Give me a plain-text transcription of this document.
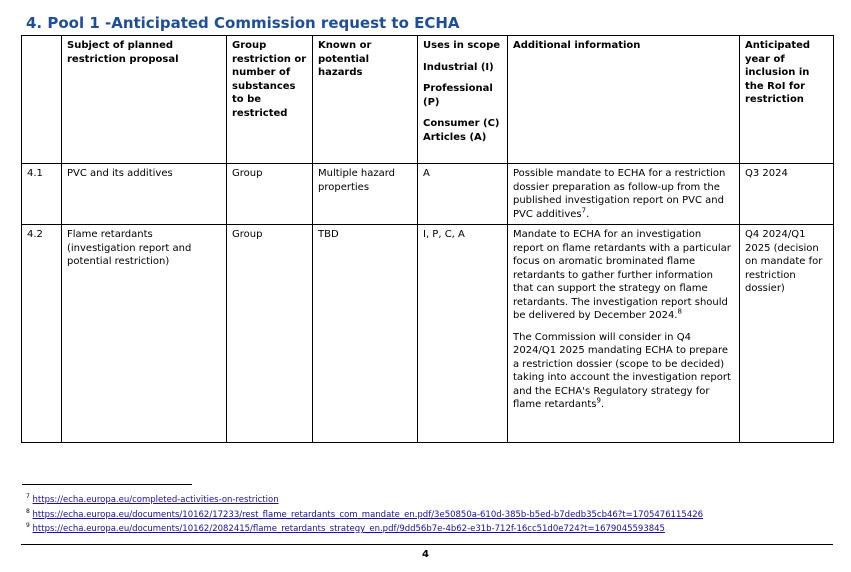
4. Pool 1 -Anticipated Commission request to ECHA
	Subject of planned restriction proposal	Group restriction or number of substances to be restricted	Known or potential hazards	Uses in scope
Industrial (I)
Professional (P)
Consumer (C)
Articles (A)	Additional information	Anticipated year of inclusion in the RoI for restriction
4.1	PVC and its additives	Group	Multiple hazard properties	A	Possible mandate to ECHA for a restriction dossier preparation as follow-up from the published investigation report on PVC and PVC additives$^7$.	Q3 2024
4.2	Flame retardants (investigation report and potential restriction)	Group	TBD	I, P, C, A	Mandate to ECHA for an investigation report on flame retardants with a particular focus on aromatic brominated flame retardants to gather further information that can support the strategy on flame retardants. The investigation report should be delivered by December 2024.$^8$
The Commission will consider in Q4 2024/Q1 2025 mandating ECHA to prepare a restriction dossier (scope to be decided) taking into account the investigation report and the ECHA's Regulatory strategy for flame retardants$^9$.	Q4 2024/Q1 2025 (decision on mandate for restriction dossier)
$^7$ https://echa.europa.eu/completed-activities-on-restriction
$^8$ https://echa.europa.eu/documents/10162/17233/rest_flame_retardants_com_mandate_en.pdf/3e50850a-610d-385b-b5ed-b7dedb35cb46?t=1705476115426
$^9$ https://echa.europa.eu/documents/10162/2082415/flame_retardants_strategy_en.pdf/9dd56b7e-4b62-e31b-712f-16cc51d0e724?t=1679045593845
4
